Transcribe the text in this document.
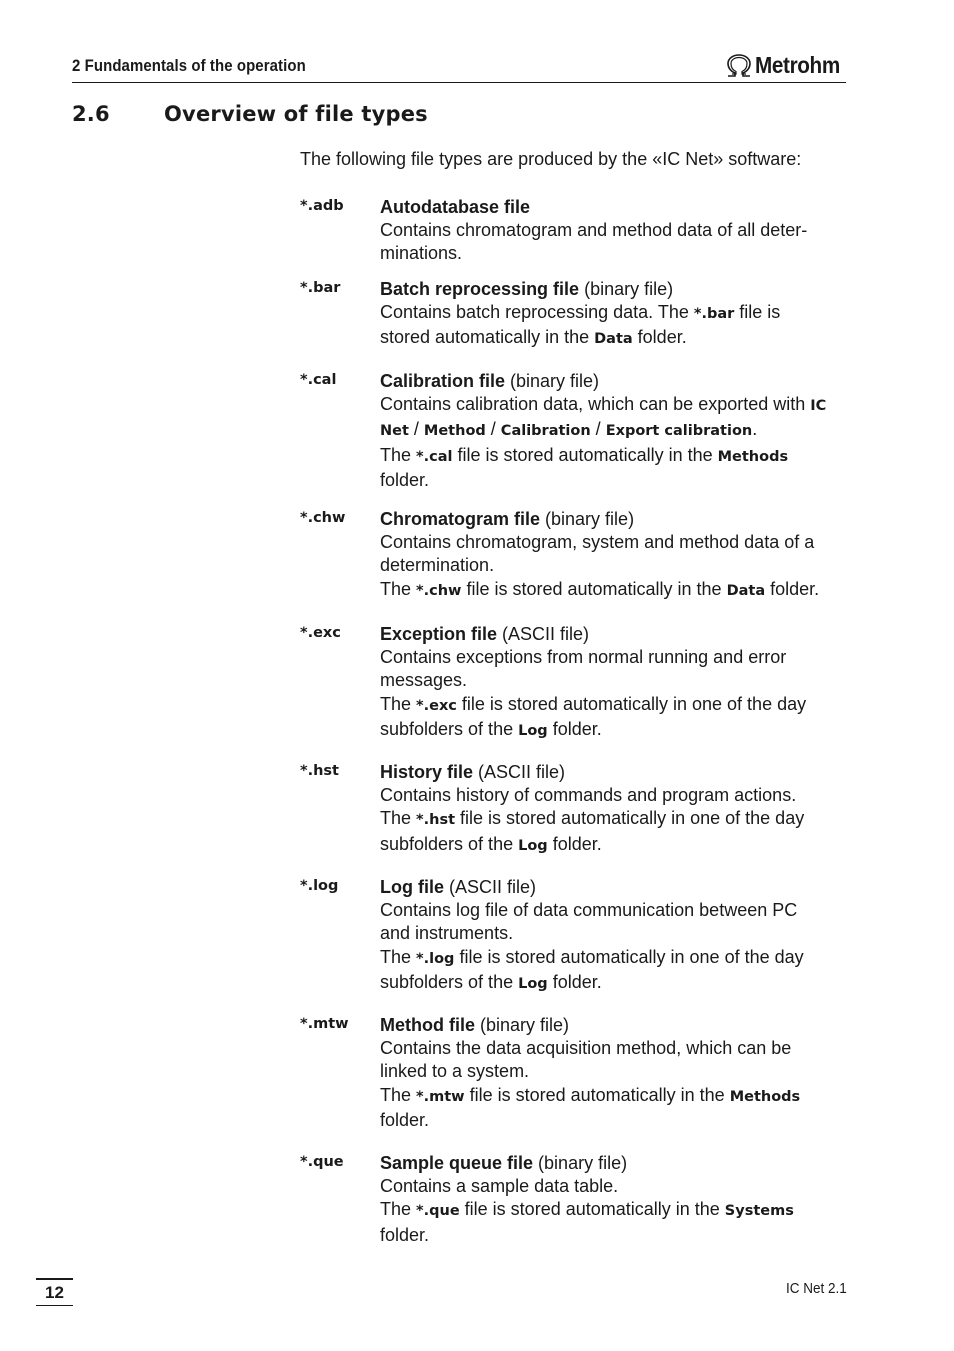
2 Fundamentals of the operation	Metrohm
2.6	Overview of file types
The following file types are produced by the «IC Net» software:
*.adb Autodatabase file
Contains chromatogram and method data of all deter-
minations.
*.bar Batch reprocessing file (binary file)
Contains batch reprocessing data. The *.bar file is
stored automatically in the Data folder.
*.cal Calibration file (binary file)
Contains calibration data, which can be exported with IC
Net / Method / Calibration / Export calibration.
The *.cal file is stored automatically in the Methods
folder.
*.chw Chromatogram file (binary file)
Contains chromatogram, system and method data of a
determination.
The *.chw file is stored automatically in the Data folder.
*.exc Exception file (ASCII file)
Contains exceptions from normal running and error
messages.
The *.exc file is stored automatically in one of the day
subfolders of the Log folder.
*.hst History file (ASCII file)
Contains history of commands and program actions.
The *.hst file is stored automatically in one of the day
subfolders of the Log folder.
*.log Log file (ASCII file)
Contains log file of data communication between PC
and instruments.
The *.log file is stored automatically in one of the day
subfolders of the Log folder.
*.mtw Method file (binary file)
Contains the data acquisition method, which can be
linked to a system.
The *.mtw file is stored automatically in the Methods
folder.
*.que Sample queue file (binary file)
Contains a sample data table.
The *.que file is stored automatically in the Systems
folder.
12	IC Net 2.1
